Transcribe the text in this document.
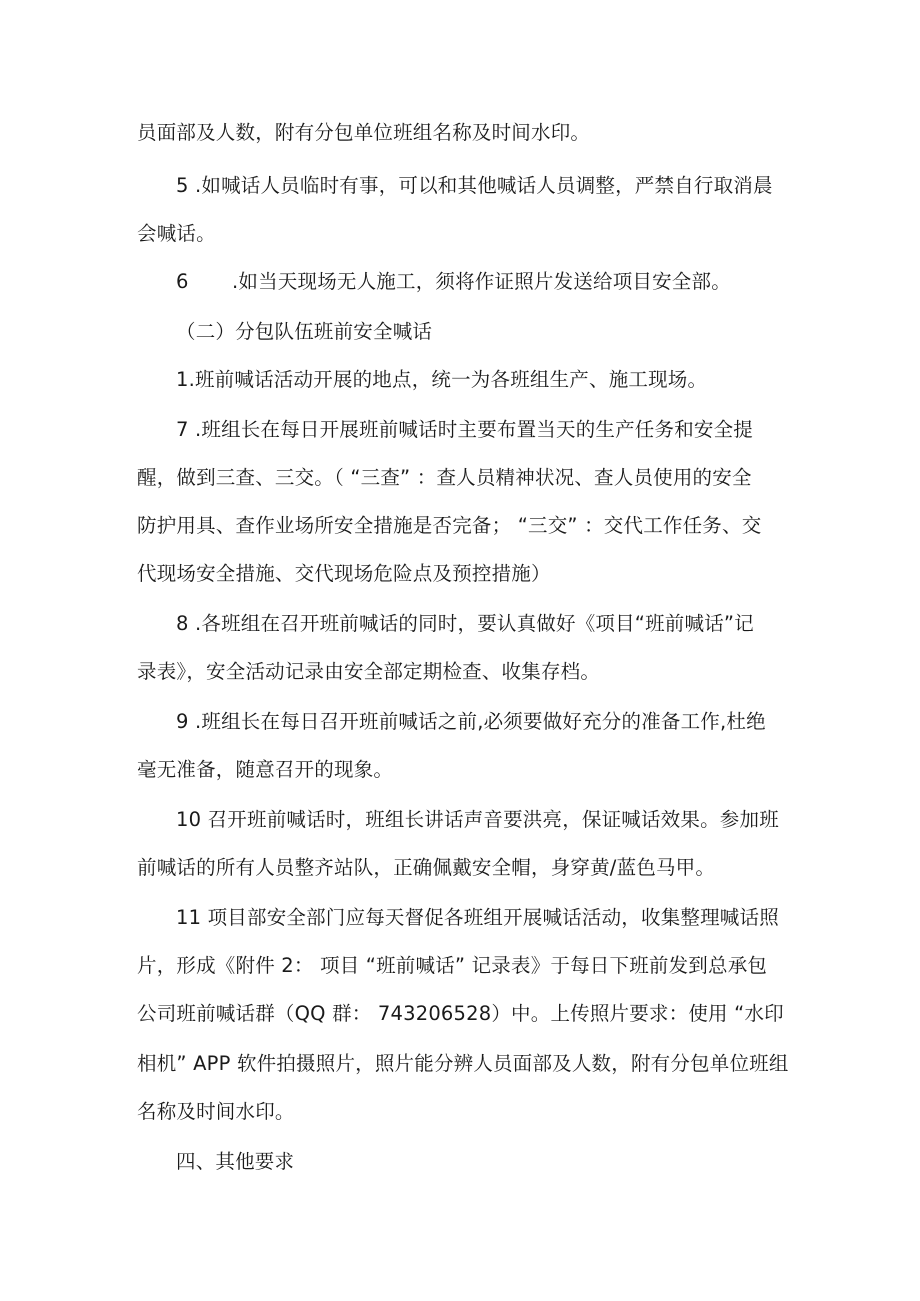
员面部及人数，附有分包单位班组名称及时间水印。
5 .如喊话人员临时有事，可以和其他喊话人员调整，严禁自行取消晨
会喊话。
6 .如当天现场无人施工，须将作证照片发送给项目安全部。
（二）分包队伍班前安全喊话
1.班前喊话活动开展的地点，统一为各班组生产、施工现场。
7 .班组长在每日开展班前喊话时主要布置当天的生产任务和安全提
醒，做到三查、三交。（ “三查” ：查人员精神状况、查人员使用的安全
防护用具、查作业场所安全措施是否完备； “三交” ：交代工作任务、交
代现场安全措施、交代现场危险点及预控措施）
8 .各班组在召开班前喊话的同时，要认真做好《项目“班前喊话”记
录表》，安全活动记录由安全部定期检查、收集存档。
9 .班组长在每日召开班前喊话之前,必须要做好充分的准备工作,杜绝
毫无准备，随意召开的现象。
10 召开班前喊话时，班组长讲话声音要洪亮，保证喊话效果。参加班
前喊话的所有人员整齐站队，正确佩戴安全帽，身穿黄/蓝色马甲。
11 项目部安全部门应每天督促各班组开展喊话活动，收集整理喊话照
片，形成《附件 2： 项目 “班前喊话” 记录表》于每日下班前发到总承包
公司班前喊话群（QQ 群： 743206528）中。上传照片要求：使用 “水印
相机” APP 软件拍摄照片，照片能分辨人员面部及人数，附有分包单位班组
名称及时间水印。
四、其他要求
